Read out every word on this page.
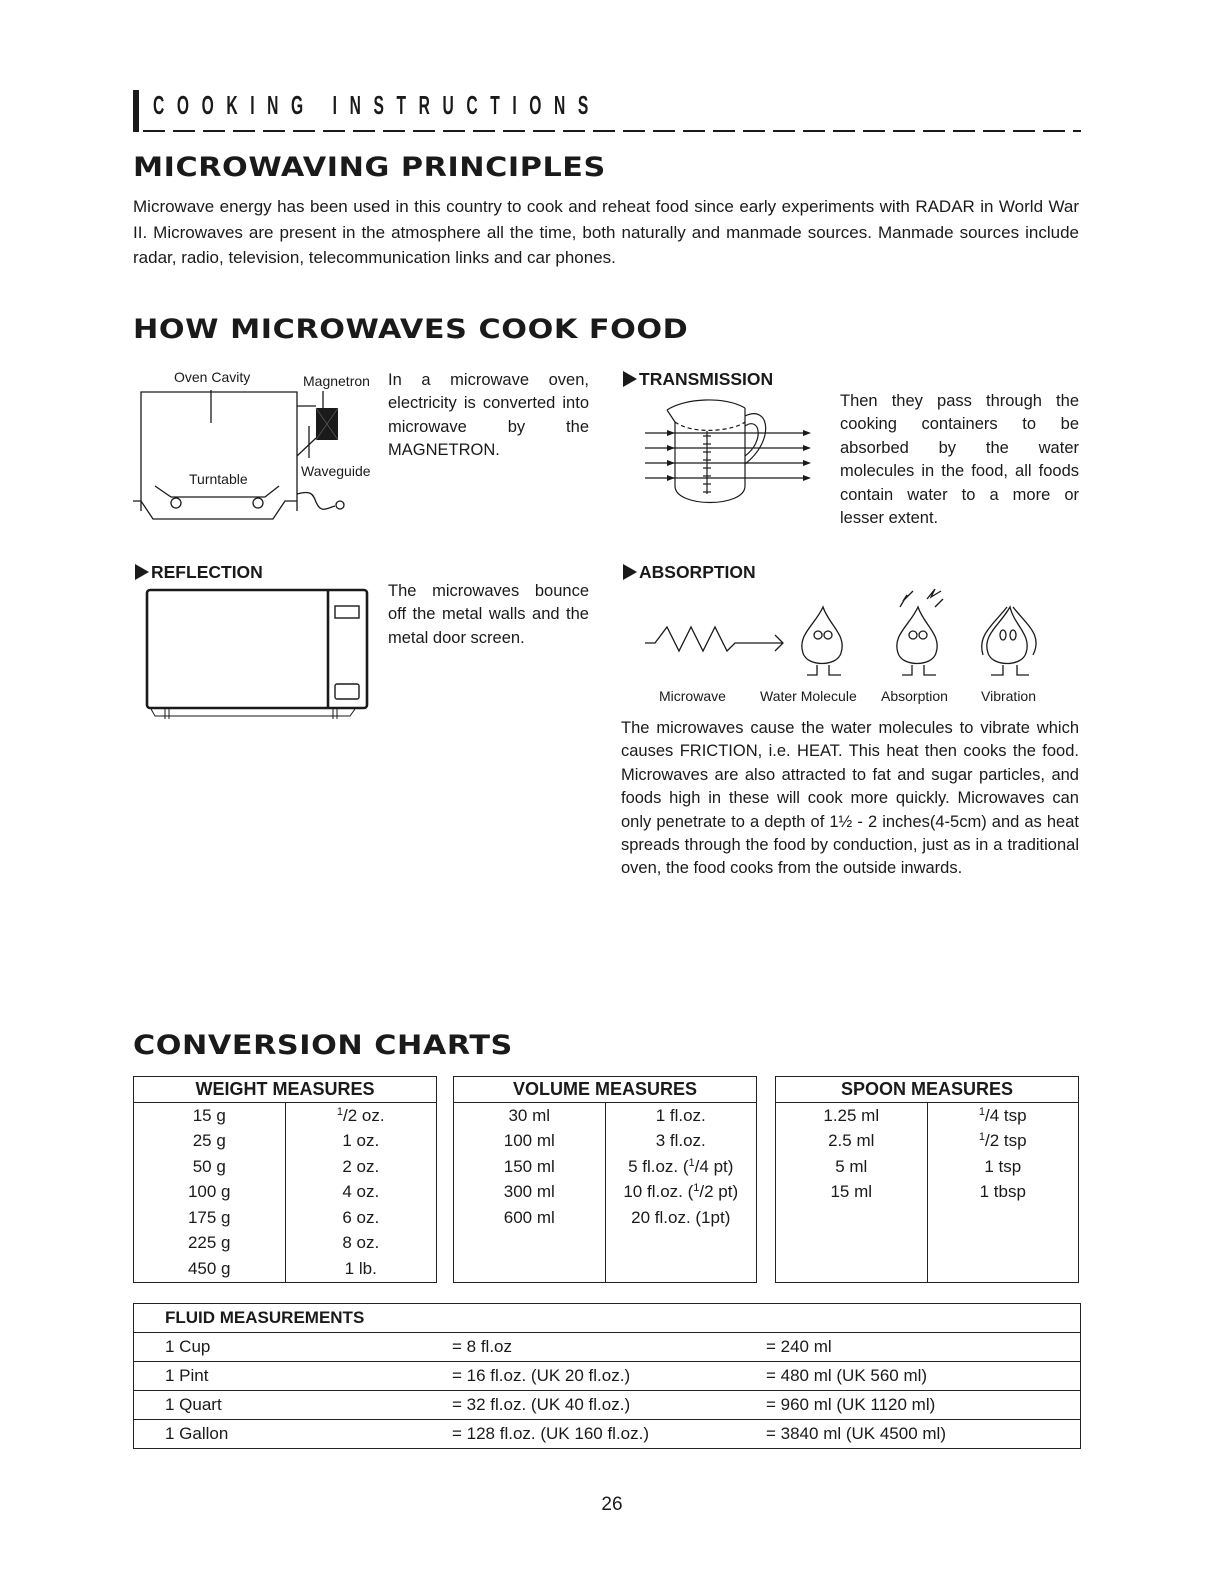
COOKING INSTRUCTIONS
MICROWAVING PRINCIPLES
Microwave energy has been used in this country to cook and reheat food since early experiments with RADAR in World War II. Microwaves are present in the atmosphere all the time, both naturally and manmade sources. Manmade sources include radar, radio, television, telecommunication links and car phones.
HOW MICROWAVES COOK FOOD
Oven Cavity	Magnetron
Waveguide
Turntable
In a microwave oven, electricity is converted into microwave by the MAGNETRON.
TRANSMISSION
Then they pass through the cooking containers to be absorbed by the water molecules in the food, all foods contain water to a more or lesser extent.
REFLECTION
The microwaves bounce off the metal walls and the metal door screen.
ABSORPTION
Microwave Water Molecule Absorption Vibration
The microwaves cause the water molecules to vibrate which causes FRICTION, i.e. HEAT. This heat then cooks the food. Microwaves are also attracted to fat and sugar particles, and foods high in these will cook more quickly. Microwaves can only penetrate to a depth of 1½ - 2 inches(4-5cm) and as heat spreads through the food by conduction, just as in a traditional oven, the food cooks from the outside inwards.
CONVERSION CHARTS
WEIGHT MEASURES	
15 g	$^1$/2 oz.
25 g	1 oz.
50 g	2 oz.
100 g	4 oz.
175 g	6 oz.
225 g	8 oz.
450 g	1 lb.
VOLUME MEASURES	
30 ml	1 fl.oz.
100 ml	3 fl.oz.
150 ml	5 fl.oz. ($^1$/4 pt)
300 ml	10 fl.oz. ($^1$/2 pt)
600 ml	20 fl.oz. (1pt)

SPOON MEASURES	
1.25 ml	$^1$/4 tsp
2.5 ml	$^1$/2 tsp
5 ml	1 tsp
15 ml	1 tbsp

FLUID MEASUREMENTS
1 Cup	= 8 fl.oz	= 240 ml
1 Pint	= 16 fl.oz. (UK 20 fl.oz.)	= 480 ml (UK 560 ml)
1 Quart	= 32 fl.oz. (UK 40 fl.oz.)	= 960 ml (UK 1120 ml)
1 Gallon	= 128 fl.oz. (UK 160 fl.oz.)	= 3840 ml (UK 4500 ml)
26
